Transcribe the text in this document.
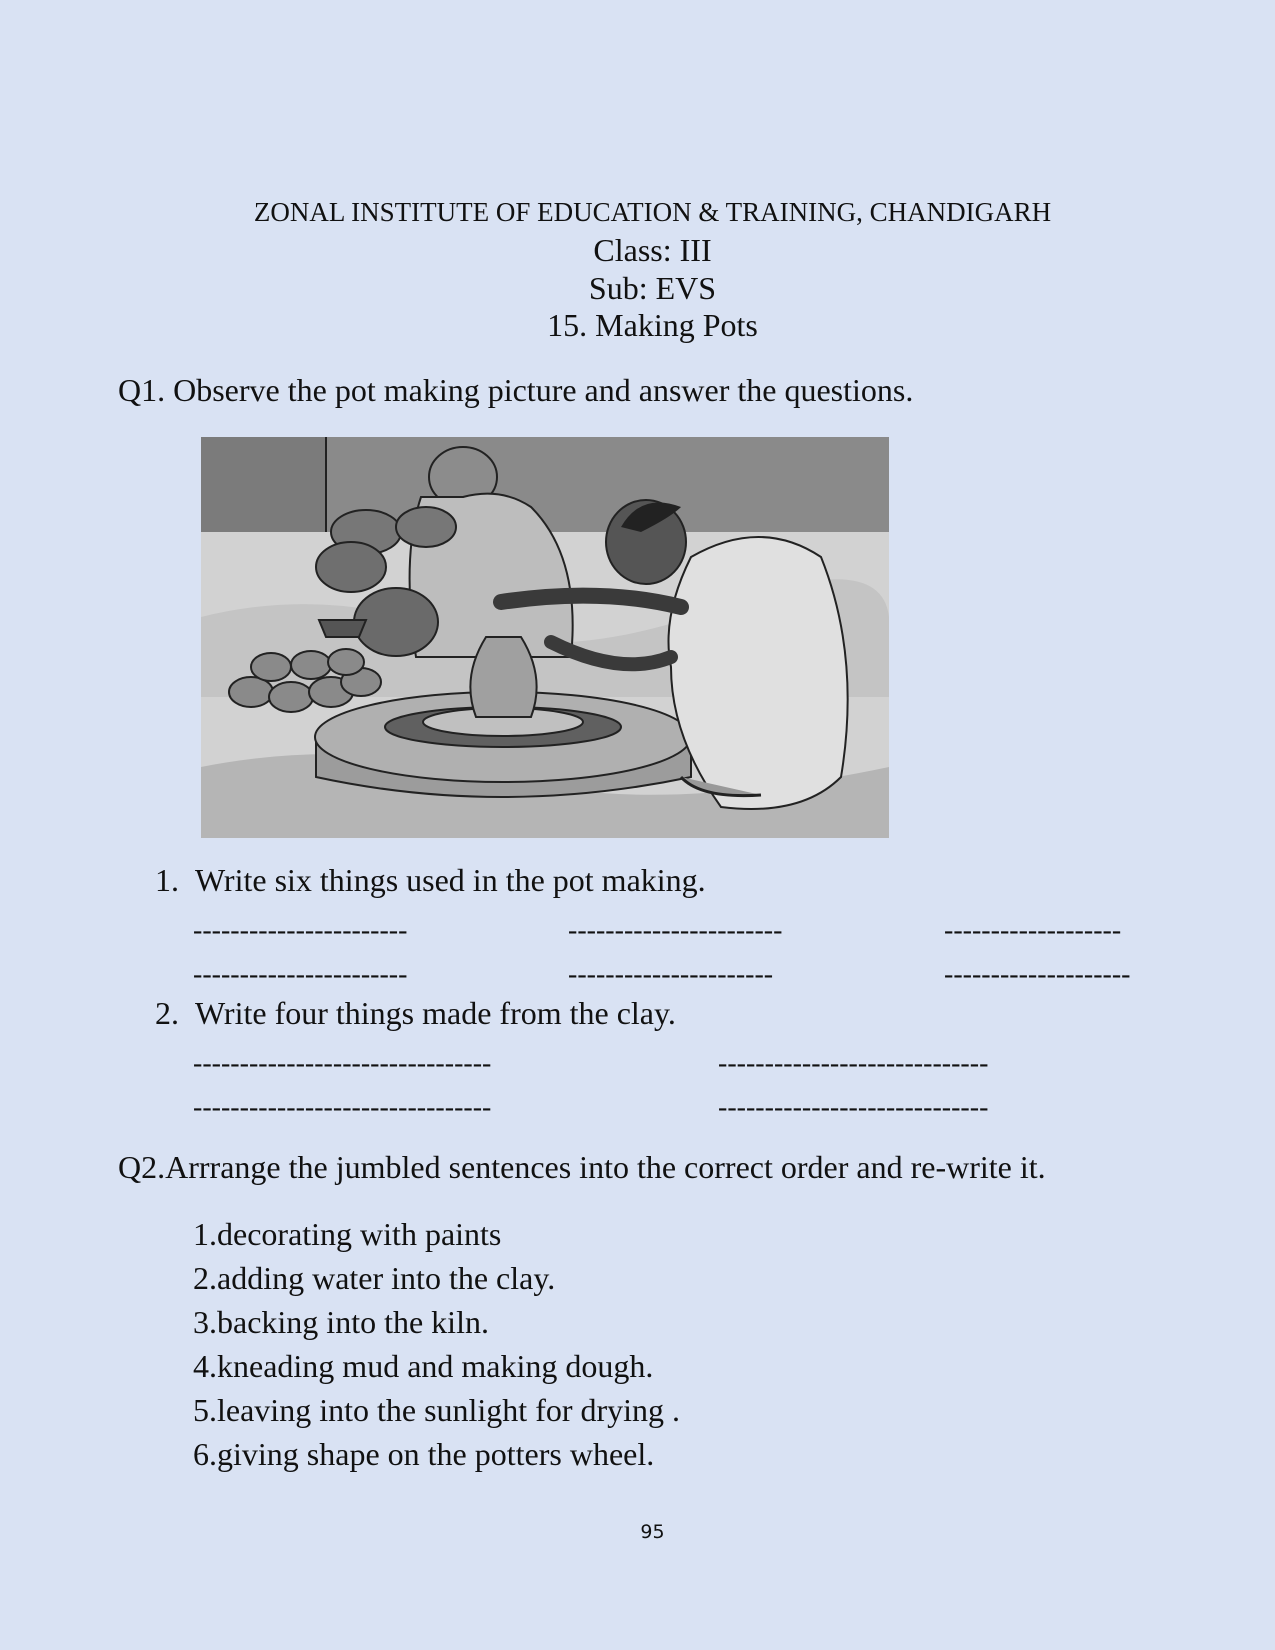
ZONAL INSTITUTE OF EDUCATION & TRAINING, CHANDIGARH
Class: III
Sub: EVS
15. Making Pots
Q1. Observe the pot making picture and answer the questions.
1. Write six things used in the pot making.
-----------------------	-----------------------	-------------------
-----------------------	----------------------	--------------------
2. Write four things made from the clay.
--------------------------------	-----------------------------
--------------------------------	-----------------------------
Q2.Arrrange the jumbled sentences into the correct order and re-write it.
1.decorating with paints
2.adding water into the clay.
3.backing into the kiln.
4.kneading mud and making dough.
5.leaving into the sunlight for drying .
6.giving shape on the potters wheel.
95
